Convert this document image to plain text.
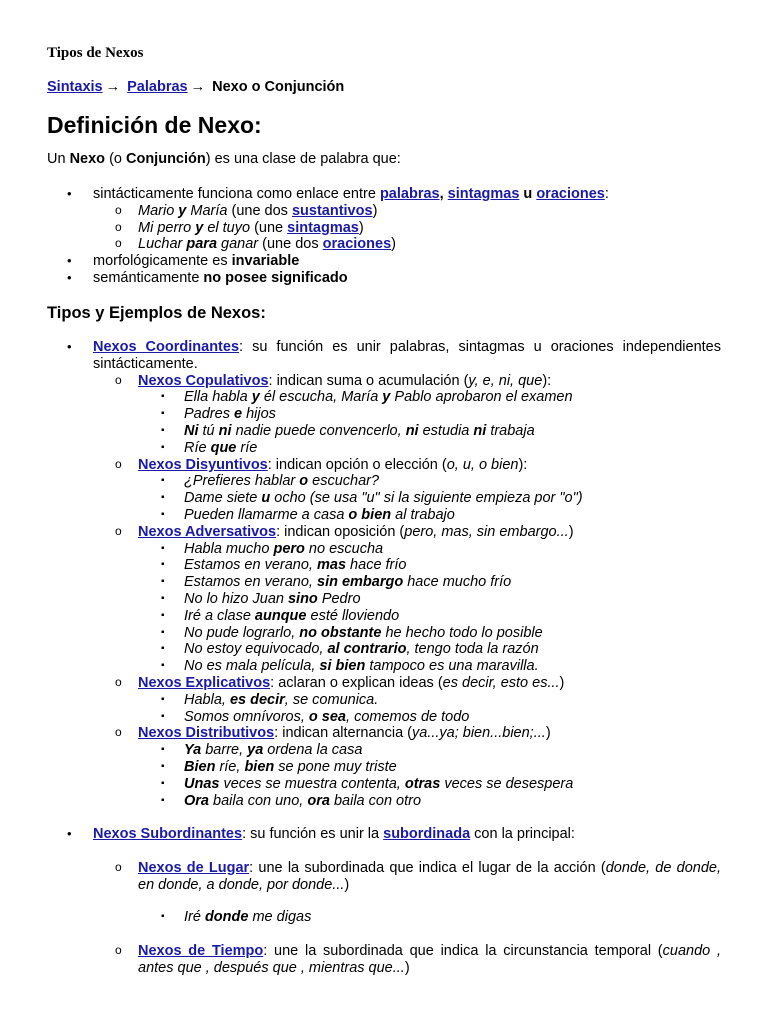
Tipos de Nexos
Sintaxis → Palabras → Nexo o Conjunción
Definición de Nexo:

Un Nexo (o Conjunción) es una clase de palabra que:

• sintácticamente funciona como enlace entre palabras, sintagmas u oraciones:
o Mario y María (une dos sustantivos)
o Mi perro y el tuyo (une sintagmas)
o Luchar para ganar (une dos oraciones)
• morfológicamente es invariable
• semánticamente no posee significado
Tipos y Ejemplos de Nexos:
• Nexos Coordinantes: su función es unir palabras, sintagmas u oraciones independientes sintácticamente.
o Nexos Copulativos: indican suma o acumulación (y, e, ni, que):
▪ Ella habla y él escucha, María y Pablo aprobaron el examen
▪ Padres e hijos
▪ Ni tú ni nadie puede convencerlo, ni estudia ni trabaja
▪ Ríe que ríe
o Nexos Disyuntivos: indican opción o elección (o, u, o bien):
▪ ¿Prefieres hablar o escuchar?
▪ Dame siete u ocho (se usa "u" si la siguiente empieza por "o")
▪ Pueden llamarme a casa o bien al trabajo
o Nexos Adversativos: indican oposición (pero, mas, sin embargo...)
▪ Habla mucho pero no escucha
▪ Estamos en verano, mas hace frío
▪ Estamos en verano, sin embargo hace mucho frío
▪ No lo hizo Juan sino Pedro
▪ Iré a clase aunque esté lloviendo
▪ No pude lograrlo, no obstante he hecho todo lo posible
▪ No estoy equivocado, al contrario, tengo toda la razón
▪ No es mala película, si bien tampoco es una maravilla.
o Nexos Explicativos: aclaran o explican ideas (es decir, esto es...)
▪ Habla, es decir, se comunica.
▪ Somos omnívoros, o sea, comemos de todo
o Nexos Distributivos: indican alternancia (ya...ya; bien...bien;...)
▪ Ya barre, ya ordena la casa
▪ Bien ríe, bien se pone muy triste
▪ Unas veces se muestra contenta, otras veces se desespera
▪ Ora baila con uno, ora baila con otro
• Nexos Subordinantes: su función es unir la subordinada con la principal:
o Nexos de Lugar: une la subordinada que indica el lugar de la acción (donde, de donde, en donde, a donde, por donde...)
▪ Iré donde me digas
o Nexos de Tiempo: une la subordinada que indica la circunstancia temporal (cuando , antes que , después que , mientras que...)
